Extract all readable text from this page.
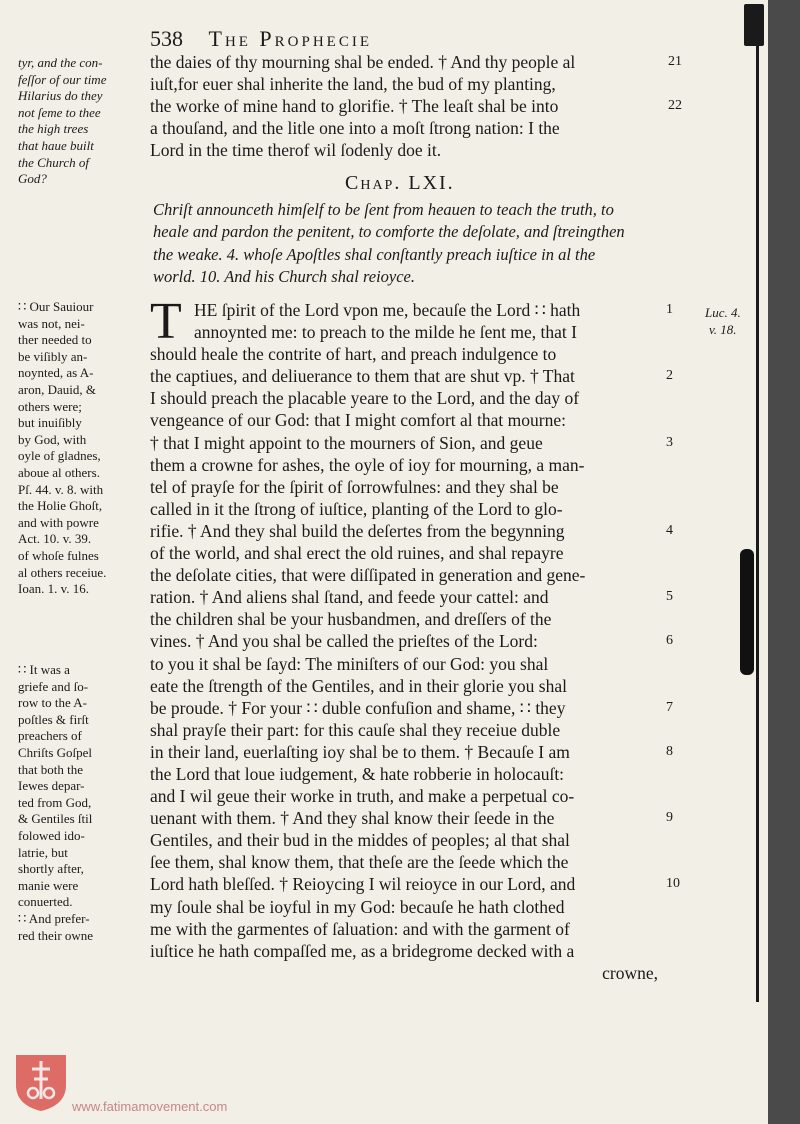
538 The Prophecie
the daies of thy mourning shal be ended. † And thy people al
iuſt,for euer shal inherite the land, the bud of my planting,
the worke of mine hand to glorifie. † The leaſt shal be into
a thouſand, and the litle one into a moſt ſtrong nation: I the
Lord in the time therof wil ſodenly doe it.
21
22
Chap. LXI.
Chriſt announceth himſelf to be ſent from heauen to teach the truth, to
heale and pardon the penitent, to comforte the deſolate, and ſtreingthen
the weake. 4. whoſe Apoſtles shal conſtantly preach iuſtice in al the
world. 10. And his Church shal reioyce.
T HE ſpirit of the Lord vpon me, becauſe the Lord ∷ hath
annoynted me: to preach to the milde he ſent me, that I
should heale the contrite of hart, and preach indulgence to
the captiues, and deliuerance to them that are shut vp. † That
I should preach the placable yeare to the Lord, and the day of
vengeance of our God: that I might comfort al that mourne:
† that I might appoint to the mourners of Sion, and geue
them a crowne for ashes, the oyle of ioy for mourning, a man-
tel of prayſe for the ſpirit of ſorrowfulnes: and they shal be
called in it the ſtrong of iuſtice, planting of the Lord to glo-
rifie. † And they shal build the deſertes from the begynning
of the world, and shal erect the old ruines, and shal repayre
the deſolate cities, that were diſſipated in generation and gene-
ration. † And aliens shal ſtand, and feede your cattel: and
the children shal be your husbandmen, and dreſſers of the
vines. † And you shal be called the prieſtes of the Lord:
to you it shal be ſayd: The miniſters of our God: you shal
eate the ſtrength of the Gentiles, and in their glorie you shal
be proude. † For your ∷ duble confuſion and shame, ∷ they
shal prayſe their part: for this cauſe shal they receiue duble
in their land, euerlaſting ioy shal be to them. † Becauſe I am
the Lord that loue iudgement, & hate robberie in holocauſt:
and I wil geue their worke in truth, and make a perpetual co-
uenant with them. † And they shal know their ſeede in the
Gentiles, and their bud in the middes of peoples; al that shal
ſee them, shal know them, that theſe are the ſeede which the
Lord hath bleſſed. † Reioycing I wil reioyce in our Lord, and
my ſoule shal be ioyful in my God: becauſe he hath clothed
me with the garmentes of ſaluation: and with the garment of
iuſtice he hath compaſſed me, as a bridegrome decked with a
crowne,
1
2
3
4
5
6
7
8
9
10
tyr, and the con-
feſſor of our time
Hilarius do they
not ſeme to thee
the high trees
that haue built
the Church of
God?
∷ Our Sauiour
was not, nei-
ther needed to
be viſibly an-
noynted, as A-
aron, Dauid, &
others were;
but inuiſibly
by God, with
oyle of gladnes,
aboue al others.
Pſ. 44. v. 8. with
the Holie Ghoſt,
and with powre
Act. 10. v. 39.
of whoſe fulnes
al others receiue.
Ioan. 1. v. 16.
∷ It was a
griefe and ſo-
row to the A-
poſtles & firſt
preachers of
Chriſts Goſpel
that both the
Iewes depar-
ted from God,
& Gentiles ſtil
folowed ido-
latrie, but
shortly after,
manie were
conuerted.
∷ And prefer-
red their owne
Luc. 4.
v. 18.
www.fatimamovement.com
